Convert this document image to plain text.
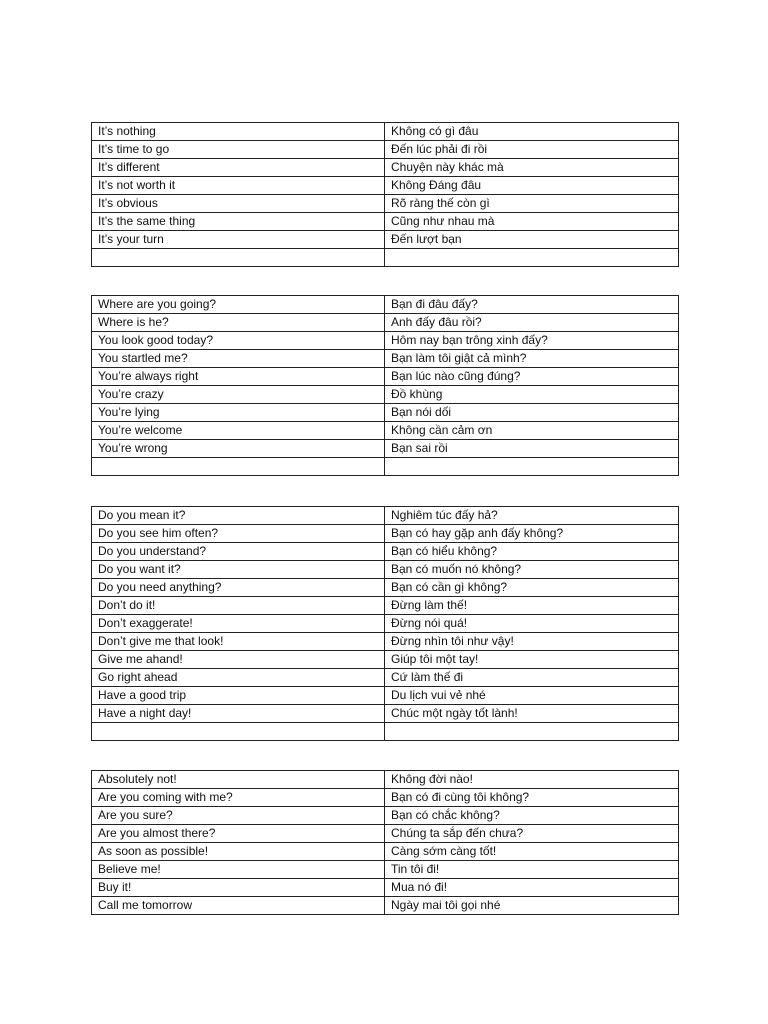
It’s nothing	Không có gì đâu
It’s time to go	Đến lúc phải đi rồi
It’s different	Chuyện này khác mà
It’s not worth it	Không Đáng đâu
It’s obvious	Rõ ràng thế còn gì
It’s the same thing	Cũng như nhau mà
It’s your turn	Đến lượt bạn

Where are you going?	Bạn đi đâu đấy?
Where is he?	Anh đấy đâu rồi?
You look good today?	Hôm nay bạn trông xinh đấy?
You startled me?	Bạn làm tôi giật cả mình?
You’re always right	Bạn lúc nào cũng đúng?
You’re crazy	Đồ khùng
You’re lying	Bạn nói dối
You’re welcome	Không cần cảm ơn
You’re wrong	Bạn sai rồi

Do you mean it?	Nghiêm túc đấy hả?
Do you see him often?	Bạn có hay gặp anh đấy không?
Do you understand?	Bạn có hiểu không?
Do you want it?	Bạn có muốn nó không?
Do you need anything?	Bạn có cần gì không?
Don’t do it!	Đừng làm thế!
Don’t exaggerate!	Đừng nói quá!
Don’t give me that look!	Đừng nhìn tôi như vậy!
Give me ahand!	Giúp tôi một tay!
Go right ahead	Cứ làm thế đi
Have a good trip	Du lịch vui vẻ nhé
Have a night day!	Chúc một ngày tốt lành!

Absolutely not!	Không đời nào!
Are you coming with me?	Bạn có đi cùng tôi không?
Are you sure?	Bạn có chắc không?
Are you almost there?	Chúng ta sắp đến chưa?
As soon as possible!	Càng sớm càng tốt!
Believe me!	Tin tôi đi!
Buy it!	Mua nó đi!
Call me tomorrow	Ngày mai tôi gọi nhé
